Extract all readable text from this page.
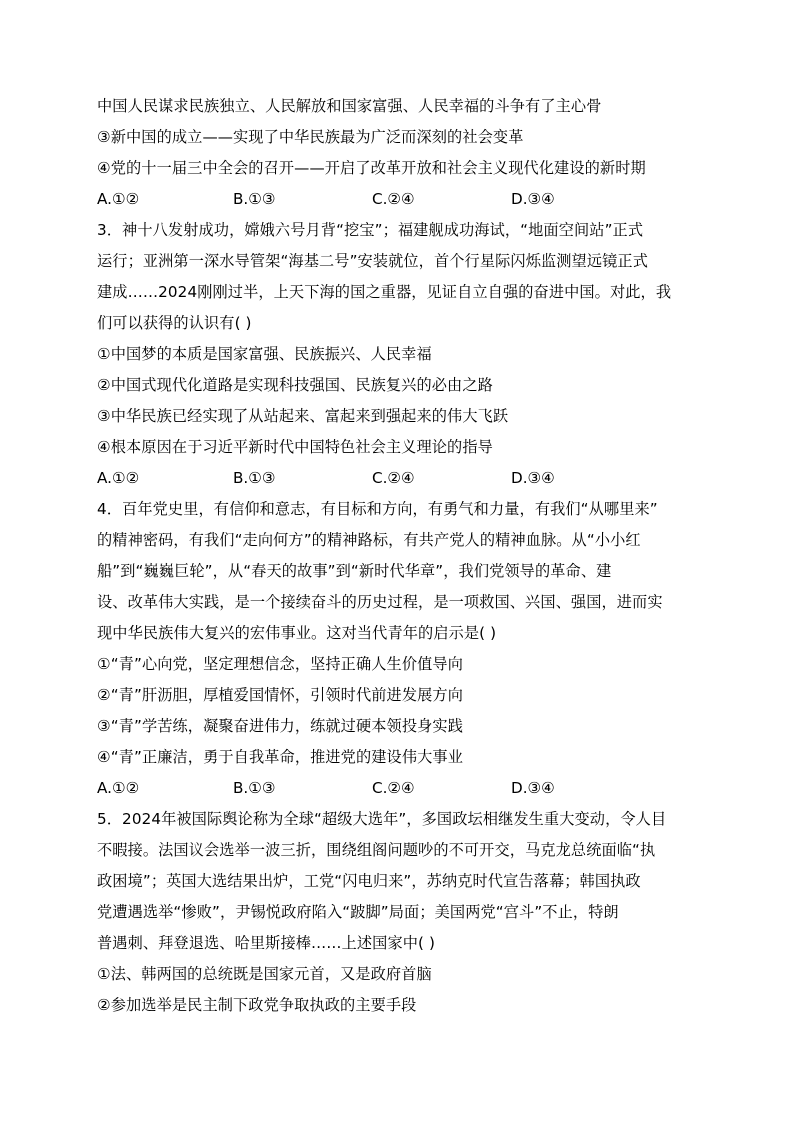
中国人民谋求民族独立、人民解放和国家富强、人民幸福的斗争有了主心骨
③新中国的成立——实现了中华民族最为广泛而深刻的社会变革
④党的十一届三中全会的召开——开启了改革开放和社会主义现代化建设的新时期
A.①②	B.①③	C.②④	D.③④
3．神十八发射成功，嫦娥六号月背“挖宝”；福建舰成功海试，“地面空间站”正式
运行；亚洲第一深水导管架“海基二号”安装就位，首个行星际闪烁监测望远镜正式
建成……2024刚刚过半，上天下海的国之重器，见证自立自强的奋进中国。对此，我
们可以获得的认识有( )
①中国梦的本质是国家富强、民族振兴、人民幸福
②中国式现代化道路是实现科技强国、民族复兴的必由之路
③中华民族已经实现了从站起来、富起来到强起来的伟大飞跃
④根本原因在于习近平新时代中国特色社会主义理论的指导
A.①②	B.①③	C.②④	D.③④
4．百年党史里，有信仰和意志，有目标和方向，有勇气和力量，有我们“从哪里来”
的精神密码，有我们“走向何方”的精神路标，有共产党人的精神血脉。从“小小红
船”到“巍巍巨轮”，从“春天的故事”到“新时代华章”，我们党领导的革命、建
设、改革伟大实践，是一个接续奋斗的历史过程，是一项救国、兴国、强国，进而实
现中华民族伟大复兴的宏伟事业。这对当代青年的启示是( )
①“青”心向党，坚定理想信念，坚持正确人生价值导向
②“青”肝沥胆，厚植爱国情怀，引领时代前进发展方向
③“青”学苦练，凝聚奋进伟力，练就过硬本领投身实践
④“青”正廉洁，勇于自我革命，推进党的建设伟大事业
A.①②	B.①③	C.②④	D.③④
5．2024年被国际舆论称为全球“超级大选年”，多国政坛相继发生重大变动，令人目
不暇接。法国议会选举一波三折，围绕组阁问题吵的不可开交，马克龙总统面临“执
政困境”；英国大选结果出炉，工党“闪电归来”，苏纳克时代宣告落幕；韩国执政
党遭遇选举“惨败”，尹锡悦政府陷入“跛脚”局面；美国两党“宫斗”不止，特朗
普遇刺、拜登退选、哈里斯接棒……上述国家中( )
①法、韩两国的总统既是国家元首，又是政府首脑
②参加选举是民主制下政党争取执政的主要手段
